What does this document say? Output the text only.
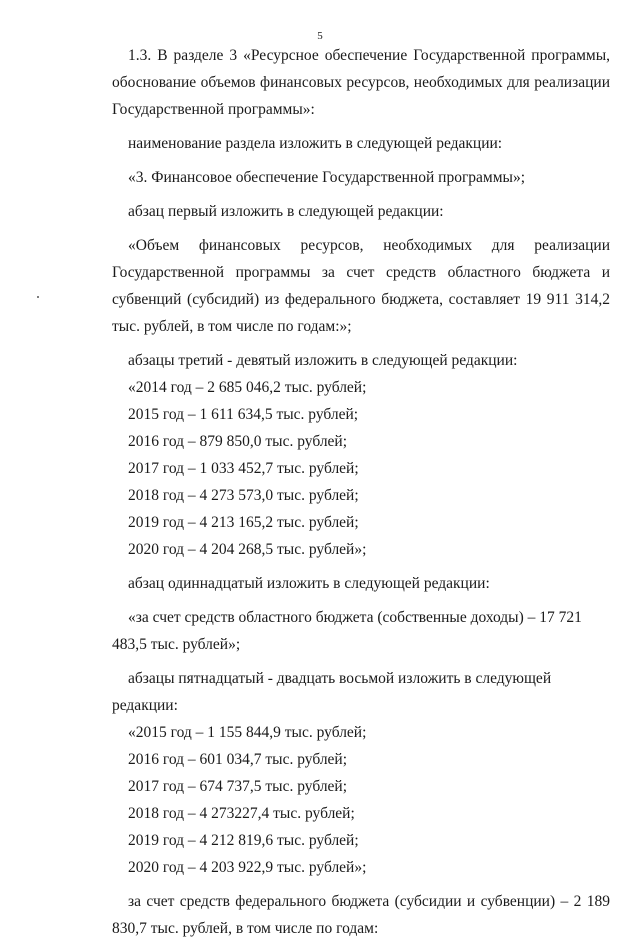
5

1.3. В разделе 3 «Ресурсное обеспечение Государственной программы, обоснование объемов финансовых ресурсов, необходимых для реализации Государственной программы»:

наименование раздела изложить в следующей редакции:

«3. Финансовое обеспечение Государственной программы»;

абзац первый изложить в следующей редакции:

«Объем финансовых ресурсов, необходимых для реализации Государственной программы за счет средств областного бюджета и субвенций (субсидий) из федерального бюджета, составляет 19 911 314,2 тыс. рублей, в том числе по годам:»;

абзацы третий - девятый изложить в следующей редакции:

«2014 год – 2 685 046,2 тыс. рублей;

2015 год – 1 611 634,5 тыс. рублей;

2016 год – 879 850,0 тыс. рублей;

2017 год – 1 033 452,7 тыс. рублей;

2018 год – 4 273 573,0 тыс. рублей;

2019 год – 4 213 165,2 тыс. рублей;

2020 год – 4 204 268,5 тыс. рублей»;

абзац одиннадцатый изложить в следующей редакции:

«за счет средств областного бюджета (собственные доходы) – 17 721 483,5 тыс. рублей»;

абзацы пятнадцатый - двадцать восьмой изложить в следующей редакции:

«2015 год – 1 155 844,9 тыс. рублей;

2016 год – 601 034,7 тыс. рублей;

2017 год – 674 737,5 тыс. рублей;

2018 год – 4 273227,4 тыс. рублей;

2019 год – 4 212 819,6 тыс. рублей;

2020 год – 4 203 922,9 тыс. рублей»;

за счет средств федерального бюджета (субсидии и субвенции) – 2 189 830,7 тыс. рублей, в том числе по годам:
